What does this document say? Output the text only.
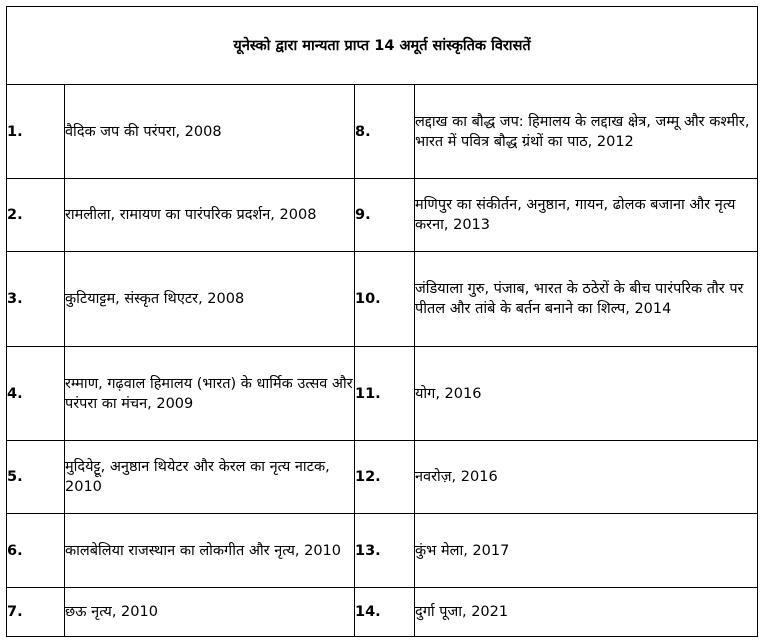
यूनेस्को द्वारा मान्यता प्राप्त 14 अमूर्त सांस्कृतिक विरासतें			
1.	वैदिक जप की परंपरा, 2008	8.	लद्दाख का बौद्ध जप: हिमालय के लद्दाख क्षेत्र, जम्मू और कश्मीर, भारत में पवित्र बौद्ध ग्रंथों का पाठ, 2012
2.	रामलीला, रामायण का पारंपरिक प्रदर्शन, 2008	9.	मणिपुर का संकीर्तन, अनुष्ठान, गायन, ढोलक बजाना और नृत्य करना, 2013
3.	कुटियाट्टम, संस्कृत थिएटर, 2008	10.	जंडियाला गुरु, पंजाब, भारत के ठठेरों के बीच पारंपरिक तौर पर पीतल और तांबे के बर्तन बनाने का शिल्प, 2014
4.	रम्माण, गढ़वाल हिमालय (भारत) के धार्मिक उत्सव और परंपरा का मंचन, 2009	11.	योग, 2016
5.	मुदियेट्टू, अनुष्ठान थियेटर और केरल का नृत्य नाटक, 2010	12.	नवरोज़, 2016
6.	कालबेलिया राजस्थान का लोकगीत और नृत्य, 2010	13.	कुंभ मेला, 2017
7.	छऊ नृत्य, 2010	14.	दुर्गा पूजा, 2021
